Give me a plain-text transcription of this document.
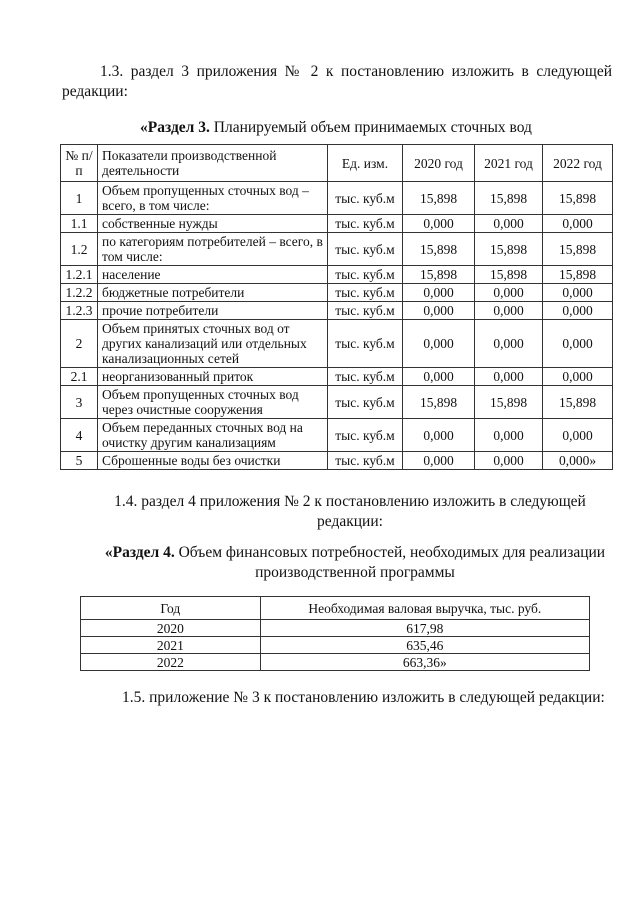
1.3. раздел 3 приложения № 2 к постановлению изложить в следующей редакции:
«Раздел 3. Планируемый объем принимаемых сточных вод
№ п/п	Показатели производственной деятельности	Ед. изм.	2020 год	2021 год	2022 год
1	Объем пропущенных сточных вод – всего, в том числе:	тыс. куб.м	15,898	15,898	15,898
1.1	собственные нужды	тыс. куб.м	0,000	0,000	0,000
1.2	по категориям потребителей – всего, в том числе:	тыс. куб.м	15,898	15,898	15,898
1.2.1	население	тыс. куб.м	15,898	15,898	15,898
1.2.2	бюджетные потребители	тыс. куб.м	0,000	0,000	0,000
1.2.3	прочие потребители	тыс. куб.м	0,000	0,000	0,000
2	Объем принятых сточных вод от других канализаций или отдельных канализационных сетей	тыс. куб.м	0,000	0,000	0,000
2.1	неорганизованный приток	тыс. куб.м	0,000	0,000	0,000
3	Объем пропущенных сточных вод через очистные сооружения	тыс. куб.м	15,898	15,898	15,898
4	Объем переданных сточных вод на очистку другим канализациям	тыс. куб.м	0,000	0,000	0,000
5	Сброшенные воды без очистки	тыс. куб.м	0,000	0,000	0,000»
1.4. раздел 4 приложения № 2 к постановлению изложить в следующей редакции:
«Раздел 4. Объем финансовых потребностей, необходимых для реализации производственной программы
Год	Необходимая валовая выручка, тыс. руб.
2020	617,98
2021	635,46
2022	663,36»
1.5. приложение № 3 к постановлению изложить в следующей редакции:
